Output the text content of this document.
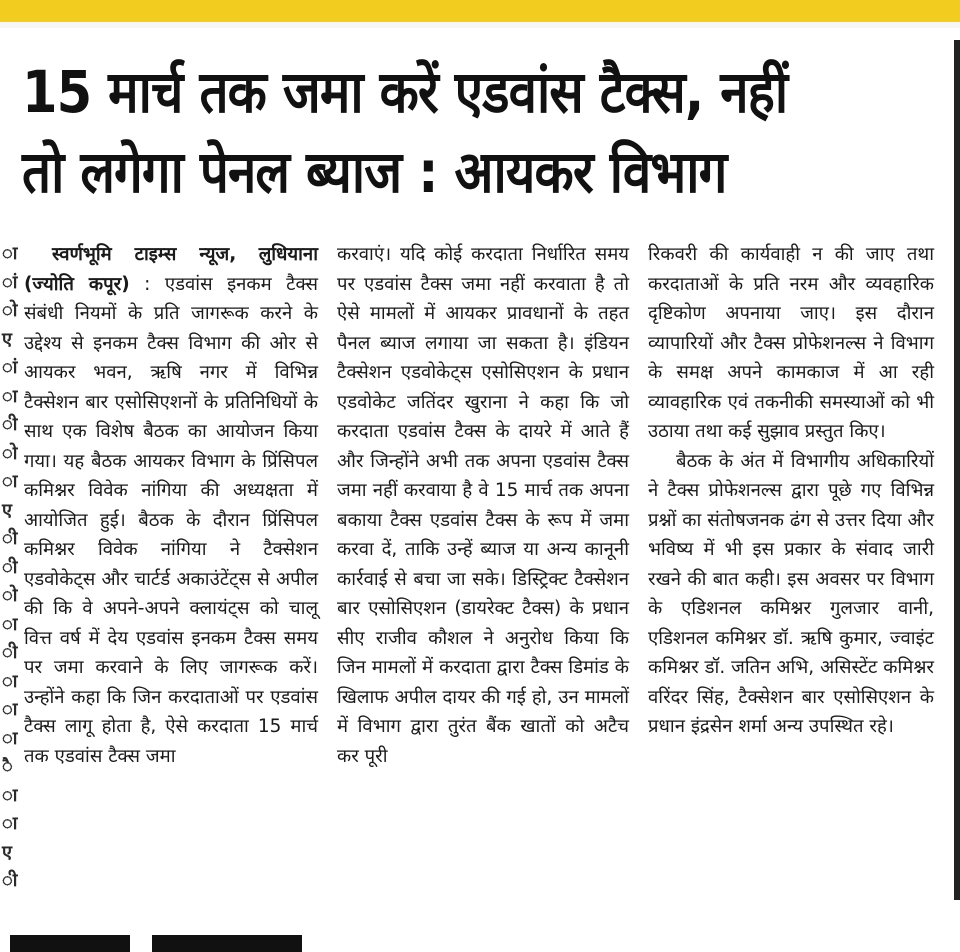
ा
ां
ो
ए
ां
ा
ी
ो
ा
ए
ी
ी
ो
ा
ी
ा
ा
ा
ै
ा
ा
ए
ी
15 मार्च तक जमा करें एडवांस टैक्स, नहीं
तो लगेगा पेनल ब्याज : आयकर विभाग

स्वर्णभूमि टाइम्स न्यूज, लुधियाना (ज्योति कपूर) : एडवांस इनकम टैक्स संबंधी नियमों के प्रति जागरूक करने के उद्देश्य से इनकम टैक्स विभाग की ओर से आयकर भवन, ऋषि नगर में विभिन्न टैक्सेशन बार एसोसिएशनों के प्रतिनिधियों के साथ एक विशेष बैठक का आयोजन किया गया। यह बैठक आयकर विभाग के प्रिंसिपल कमिश्नर विवेक नांगिया की अध्यक्षता में आयोजित हुई। बैठक के दौरान प्रिंसिपल कमिश्नर विवेक नांगिया ने टैक्सेशन एडवोकेट्स और चार्टर्ड अकाउंटेंट्स से अपील की कि वे अपने-अपने क्लायंट्स को चालू वित्त वर्ष में देय एडवांस इनकम टैक्स समय पर जमा करवाने के लिए जागरूक करें। उन्होंने कहा कि जिन करदाताओं पर एडवांस टैक्स लागू होता है, ऐसे करदाता 15 मार्च तक एडवांस टैक्स जमा

करवाएं। यदि कोई करदाता निर्धारित समय पर एडवांस टैक्स जमा नहीं करवाता है तो ऐसे मामलों में आयकर प्रावधानों के तहत पैनल ब्याज लगाया जा सकता है। इंडियन टैक्सेशन एडवोकेट्स एसोसिएशन के प्रधान एडवोकेट जतिंदर खुराना ने कहा कि जो करदाता एडवांस टैक्स के दायरे में आते हैं और जिन्होंने अभी तक अपना एडवांस टैक्स जमा नहीं करवाया है वे 15 मार्च तक अपना बकाया टैक्स एडवांस टैक्स के रूप में जमा करवा दें, ताकि उन्हें ब्याज या अन्य कानूनी कार्रवाई से बचा जा सके। डिस्ट्रिक्ट टैक्सेशन बार एसोसिएशन (डायरेक्ट टैक्स) के प्रधान सीए राजीव कौशल ने अनुरोध किया कि जिन मामलों में करदाता द्वारा टैक्स डिमांड के खिलाफ अपील दायर की गई हो, उन मामलों में विभाग द्वारा तुरंत बैंक खातों को अटैच कर पूरी

रिकवरी की कार्यवाही न की जाए तथा करदाताओं के प्रति नरम और व्यवहारिक दृष्टिकोण अपनाया जाए। इस दौरान व्यापारियों और टैक्स प्रोफेशनल्स ने विभाग के समक्ष अपने कामकाज में आ रही व्यावहारिक एवं तकनीकी समस्याओं को भी उठाया तथा कई सुझाव प्रस्तुत किए।

बैठक के अंत में विभागीय अधिकारियों ने टैक्स प्रोफेशनल्स द्वारा पूछे गए विभिन्न प्रश्नों का संतोषजनक ढंग से उत्तर दिया और भविष्य में भी इस प्रकार के संवाद जारी रखने की बात कही। इस अवसर पर विभाग के एडिशनल कमिश्नर गुलजार वानी, एडिशनल कमिश्नर डॉ. ऋषि कुमार, ज्वाइंट कमिश्नर डॉ. जतिन अभि, असिस्टेंट कमिश्नर वरिंदर सिंह, टैक्सेशन बार एसोसिएशन के प्रधान इंद्रसेन शर्मा अन्य उपस्थित रहे।
